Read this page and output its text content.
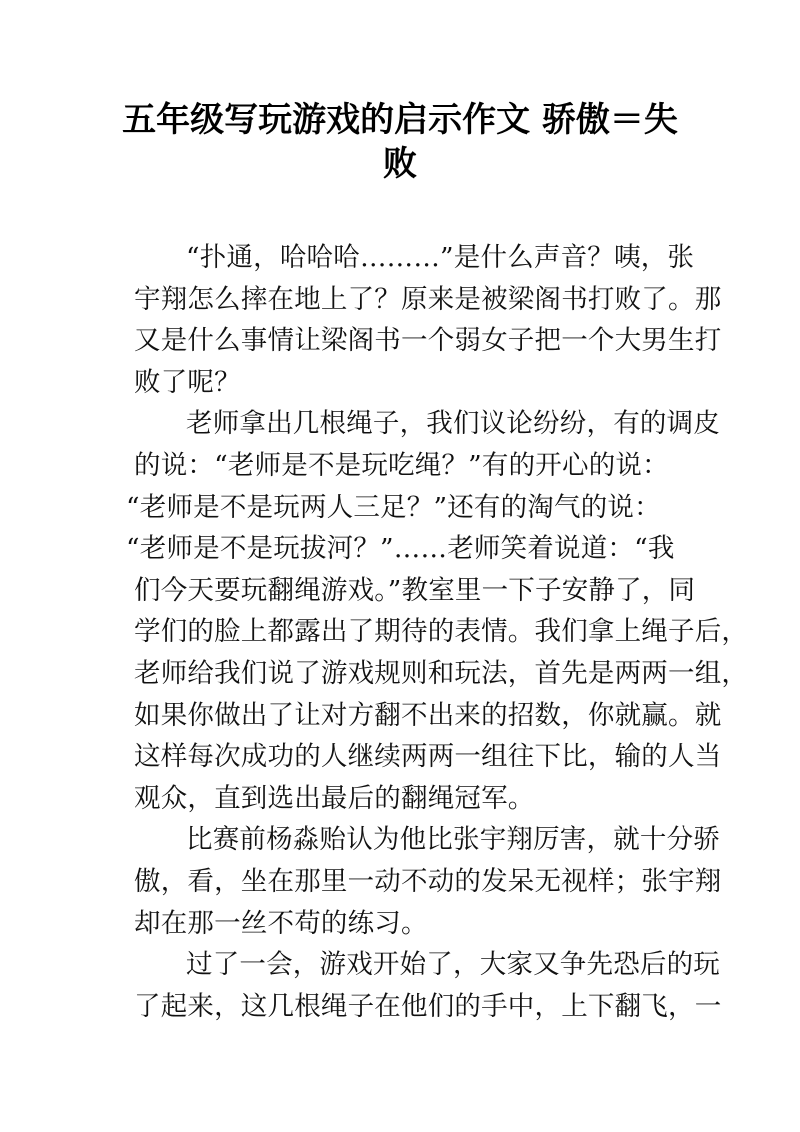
五年级写玩游戏的启示作文 骄傲＝失
败
“扑通，哈哈哈………”是什么声音？咦，张
宇翔怎么摔在地上了？原来是被梁阁书打败了。那
又是什么事情让梁阁书一个弱女子把一个大男生打
败了呢？
老师拿出几根绳子，我们议论纷纷，有的调皮
的说：“老师是不是玩吃绳？”有的开心的说：
“老师是不是玩两人三足？”还有的淘气的说：
“老师是不是玩拔河？”……老师笑着说道：“我
们今天要玩翻绳游戏。”教室里一下子安静了，同
学们的脸上都露出了期待的表情。我们拿上绳子后，
老师给我们说了游戏规则和玩法，首先是两两一组，
如果你做出了让对方翻不出来的招数，你就赢。就
这样每次成功的人继续两两一组往下比，输的人当
观众，直到选出最后的翻绳冠军。
比赛前杨淼贻认为他比张宇翔厉害，就十分骄
傲，看，坐在那里一动不动的发呆无视样；张宇翔
却在那一丝不苟的练习。
过了一会，游戏开始了，大家又争先恐后的玩
了起来，这几根绳子在他们的手中，上下翻飞，一
